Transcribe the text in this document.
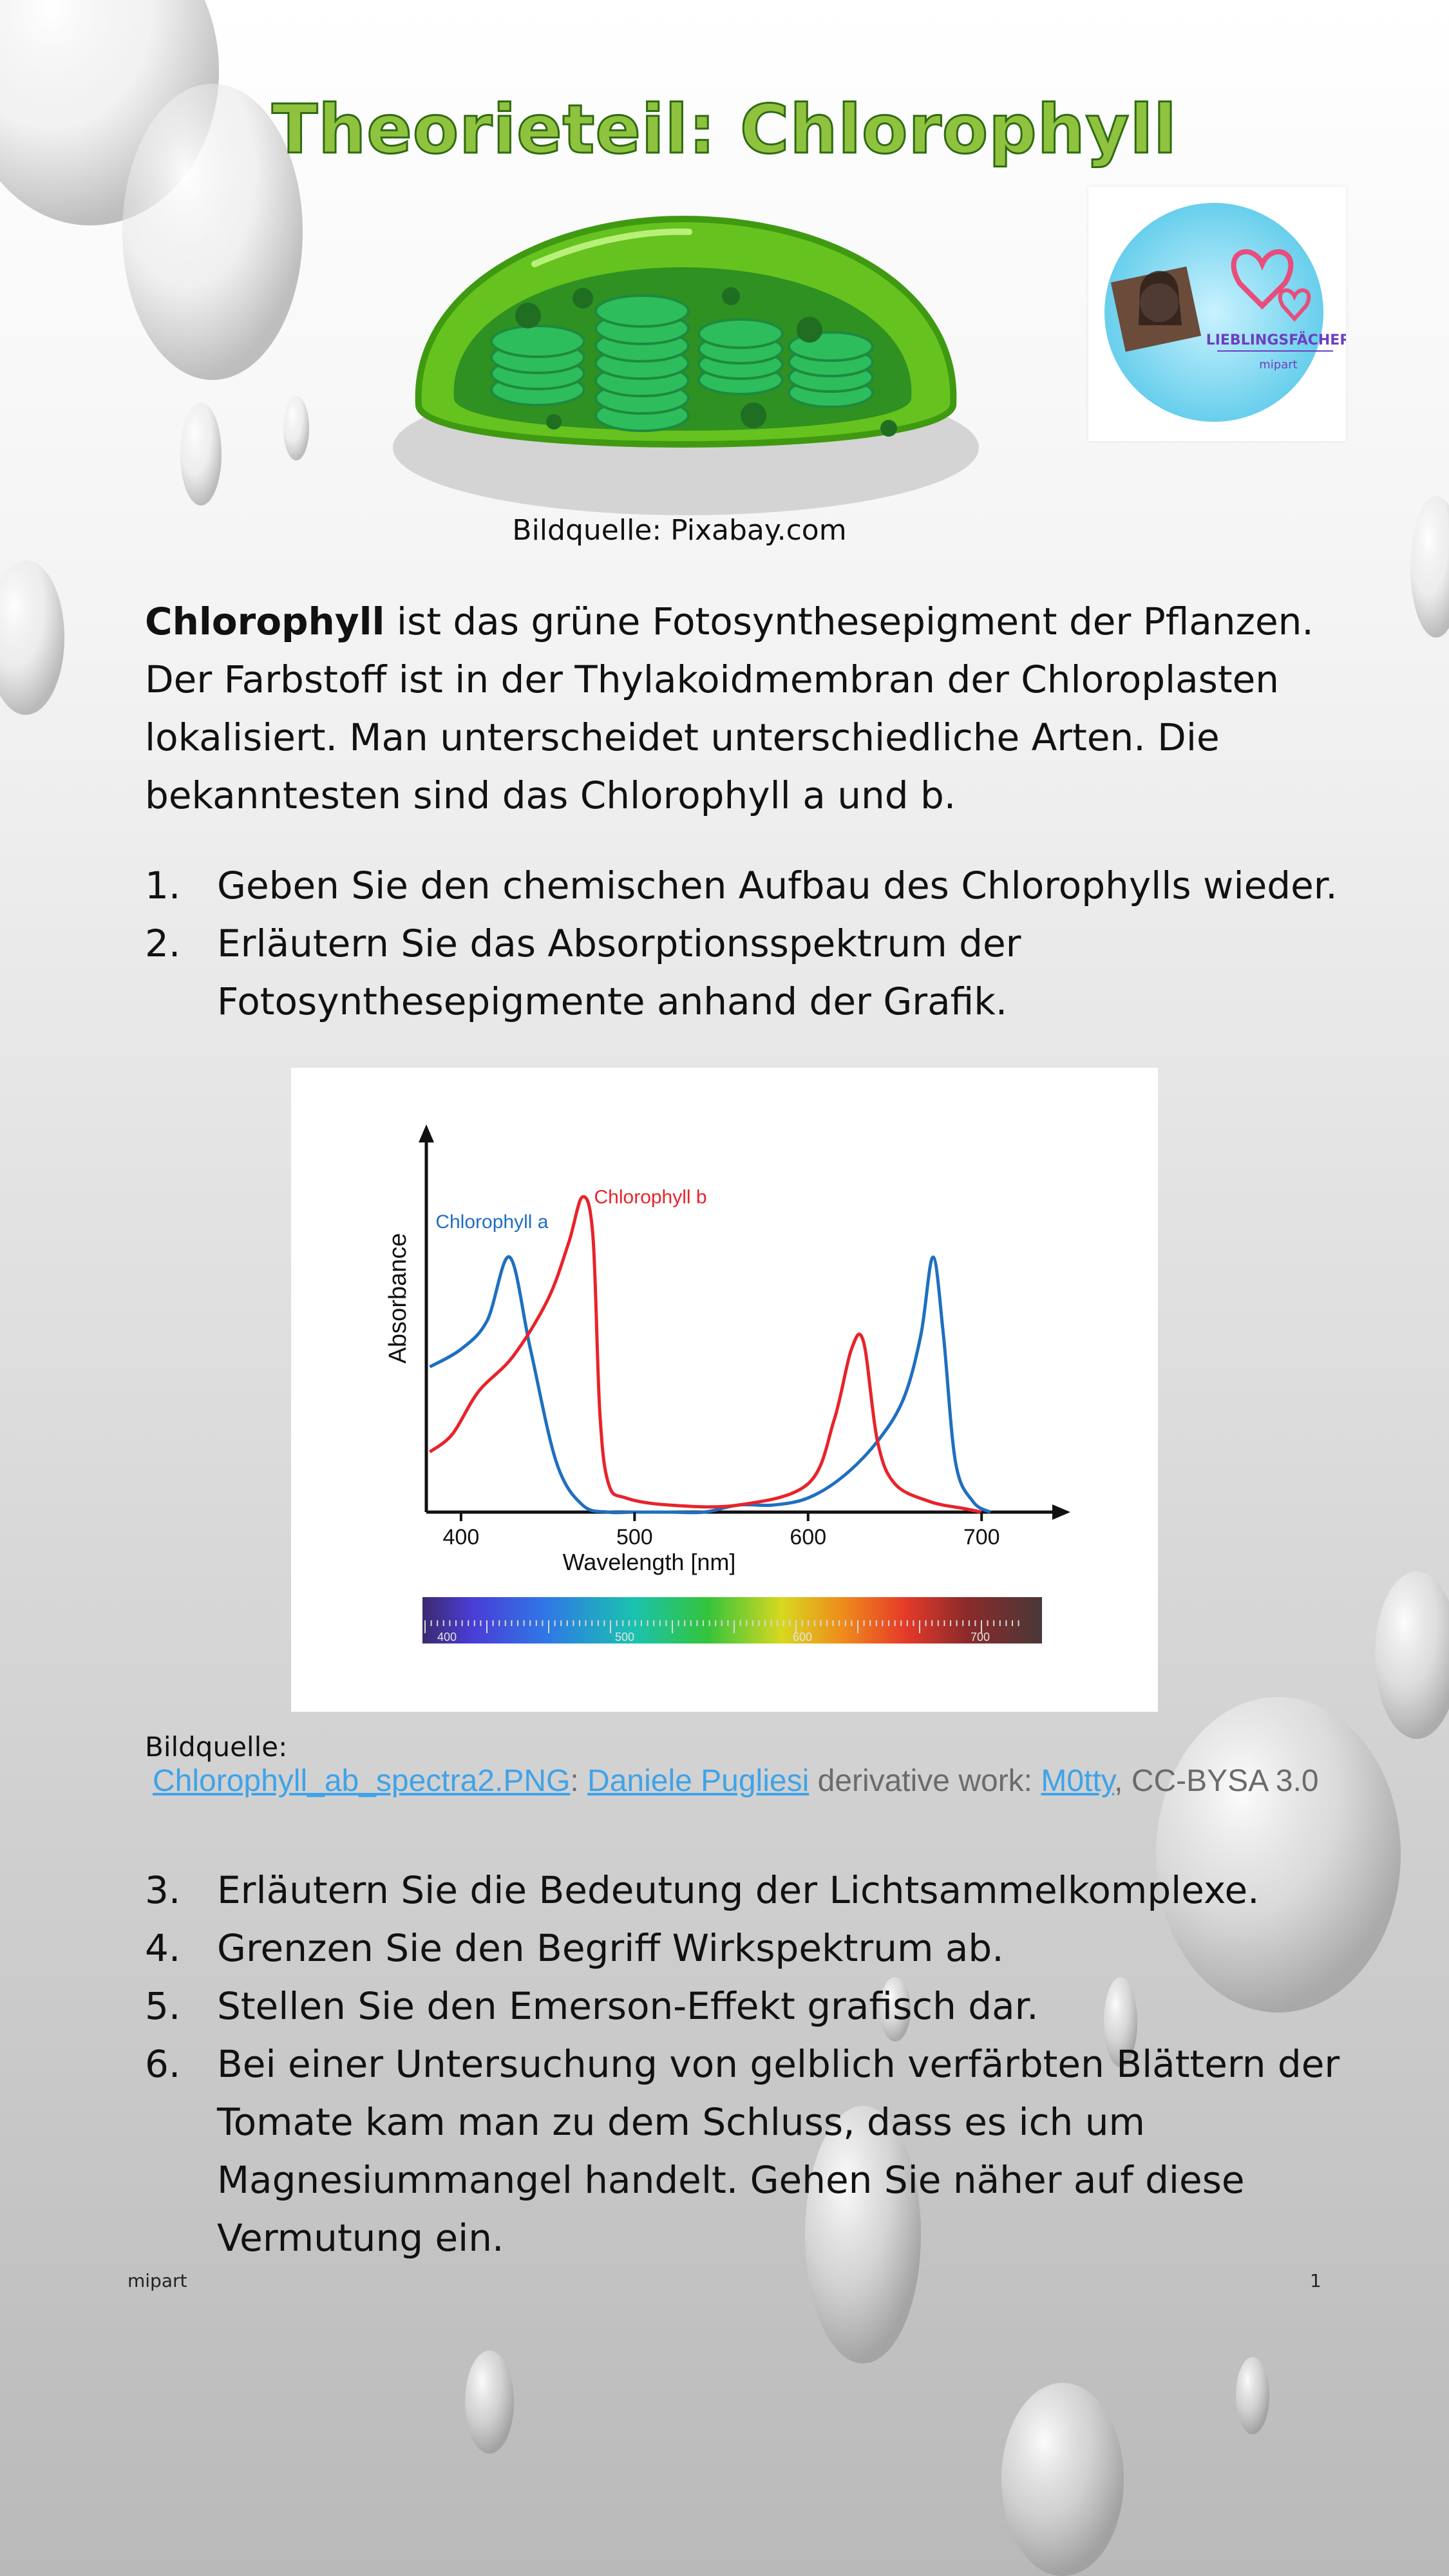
Theorieteil: Chlorophyll
Bildquelle: Pixabay.com
LIEBLINGSFÄCHER
mipart
Chlorophyll ist das grüne Fotosynthesepigment der Pflanzen. Der Farbstoff ist in der Thylakoidmembran der Chloroplasten lokalisiert. Man unterscheidet unterschiedliche Arten. Die bekanntesten sind das Chlorophyll a und b.
1. Geben Sie den chemischen Aufbau des Chlorophylls wieder.
2. Erläutern Sie das Absorptionsspektrum der Fotosynthesepigmente anhand der Grafik.
Chlorophyll a
Chlorophyll b
400	500	600	700
Absorbance
Wavelength [nm]
400	500	600	700
Bildquelle:
Chlorophyll_ab_spectra2.PNG: Daniele Pugliesi derivative work: M0tty, CC-BYSA 3.0
3. Erläutern Sie die Bedeutung der Lichtsammelkomplexe.
4. Grenzen Sie den Begriff Wirkspektrum ab.
5. Stellen Sie den Emerson-Effekt grafisch dar.
6. Bei einer Untersuchung von gelblich verfärbten Blättern der Tomate kam man zu dem Schluss, dass es ich um Magnesiummangel handelt. Gehen Sie näher auf diese Vermutung ein.
mipart	1
